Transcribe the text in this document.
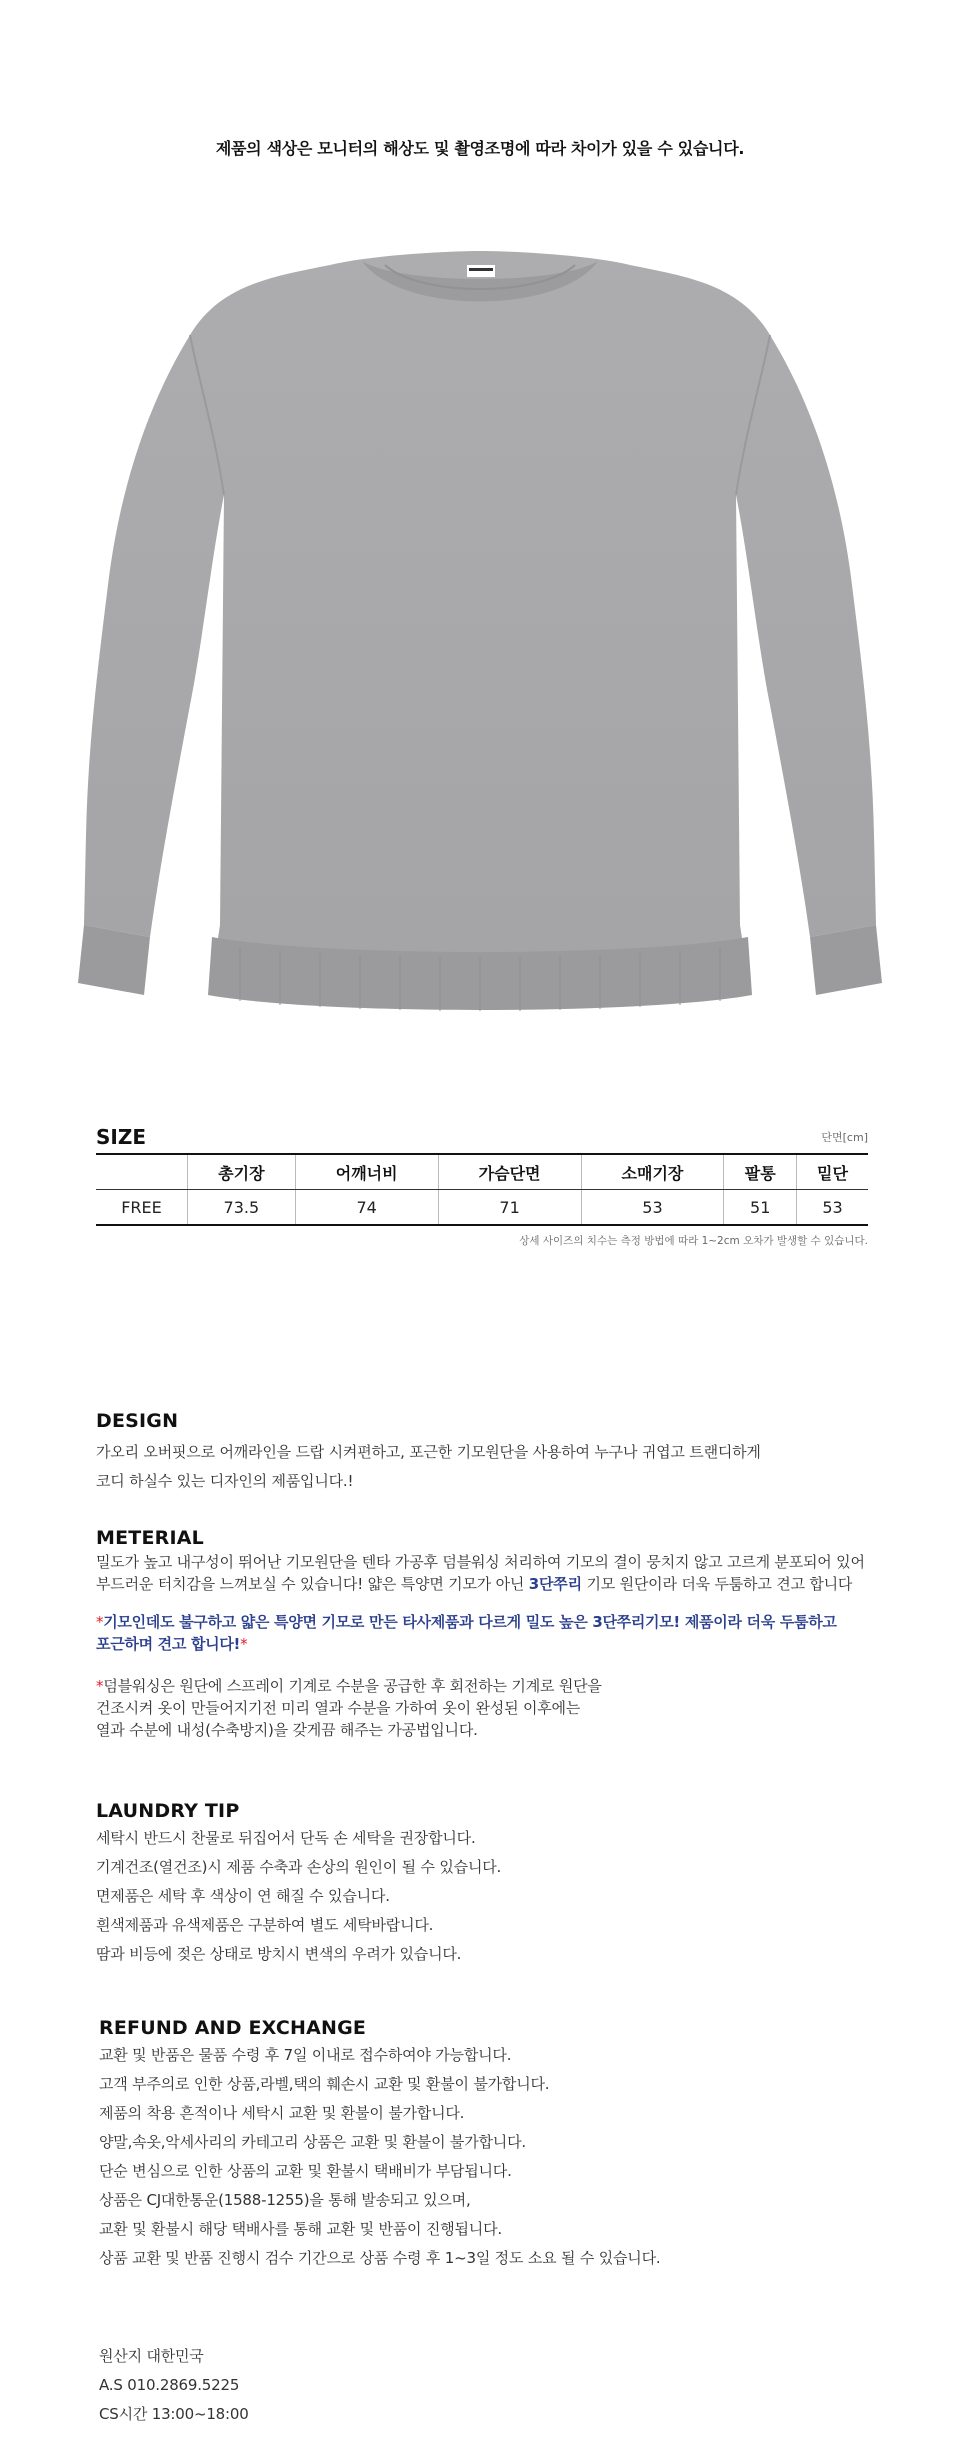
제품의 색상은 모니터의 해상도 및 촬영조명에 따라 차이가 있을 수 있습니다.
SIZE	단면[cm]
	총기장	어깨너비	가슴단면	소매기장	팔통	밑단
FREE	73.5	74	71	53	51	53
상세 사이즈의 치수는 측정 방법에 따라 1~2cm 오차가 발생할 수 있습니다.
DESIGN
가오리 오버핏으로 어깨라인을 드랍 시켜편하고, 포근한 기모원단을 사용하여 누구나 귀엽고 트랜디하게
코디 하실수 있는 디자인의 제품입니다.!
METERIAL
밀도가 높고 내구성이 뛰어난 기모원단을 텐타 가공후 덤블워싱 처리하여 기모의 결이 뭉치지 않고 고르게 분포되어 있어
부드러운 터치감을 느껴보실 수 있습니다! 얇은 특양면 기모가 아닌 3단쭈리 기모 원단이라 더욱 두툼하고 견고 합니다
*기모인데도 불구하고 얇은 특양면 기모로 만든 타사제품과 다르게 밀도 높은 3단쭈리기모! 제품이라 더욱 두툼하고
포근하며 견고 합니다!*
*덤블워싱은 원단에 스프레이 기계로 수분을 공급한 후 회전하는 기계로 원단을
건조시켜 옷이 만들어지기전 미리 열과 수분을 가하여 옷이 완성된 이후에는
열과 수분에 내성(수축방지)을 갖게끔 해주는 가공법입니다.
LAUNDRY TIP
세탁시 반드시 찬물로 뒤집어서 단독 손 세탁을 권장합니다.
기계건조(열건조)시 제품 수축과 손상의 원인이 될 수 있습니다.
면제품은 세탁 후 색상이 연 해질 수 있습니다.
흰색제품과 유색제품은 구분하여 별도 세탁바랍니다.
땀과 비등에 젖은 상태로 방치시 변색의 우려가 있습니다.
REFUND AND EXCHANGE
교환 및 반품은 물품 수령 후 7일 이내로 접수하여야 가능합니다.
고객 부주의로 인한 상품,라벨,택의 훼손시 교환 및 환불이 불가합니다.
제품의 착용 흔적이나 세탁시 교환 및 환불이 불가합니다.
양말,속옷,악세사리의 카테고리 상품은 교환 및 환불이 불가합니다.
단순 변심으로 인한 상품의 교환 및 환불시 택배비가 부담됩니다.
상품은 CJ대한통운(1588-1255)을 통해 발송되고 있으며,
교환 및 환불시 해당 택배사를 통해 교환 및 반품이 진행됩니다.
상품 교환 및 반품 진행시 검수 기간으로 상품 수령 후 1~3일 정도 소요 될 수 있습니다.
원산지 대한민국
A.S 010.2869.5225
CS시간 13:00~18:00
